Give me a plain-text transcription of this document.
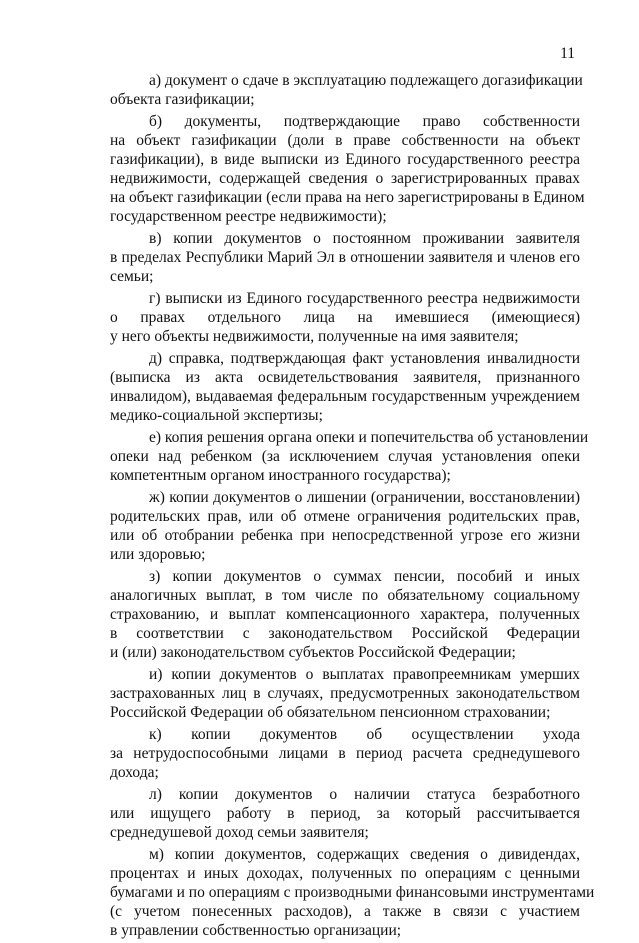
11

а) документ о сдаче в эксплуатацию подлежащего догазификации
объекта газификации;

б) документы, подтверждающие право собственности
на объект газификации (доли в праве собственности на объект
газификации), в виде выписки из Единого государственного реестра
недвижимости, содержащей сведения о зарегистрированных правах
на объект газификации (если права на него зарегистрированы в Едином
государственном реестре недвижимости);

в) копии документов о постоянном проживании заявителя
в пределах Республики Марий Эл в отношении заявителя и членов его
семьи;

г) выписки из Единого государственного реестра недвижимости
о правах отдельного лица на имевшиеся (имеющиеся)
у него объекты недвижимости, полученные на имя заявителя;

д) справка, подтверждающая факт установления инвалидности
(выписка из акта освидетельствования заявителя, признанного
инвалидом), выдаваемая федеральным государственным учреждением
медико-социальной экспертизы;

е) копия решения органа опеки и попечительства об установлении
опеки над ребенком (за исключением случая установления опеки
компетентным органом иностранного государства);

ж) копии документов о лишении (ограничении, восстановлении)
родительских прав, или об отмене ограничения родительских прав,
или об отобрании ребенка при непосредственной угрозе его жизни
или здоровью;

з) копии документов о суммах пенсии, пособий и иных
аналогичных выплат, в том числе по обязательному социальному
страхованию, и выплат компенсационного характера, полученных
в соответствии с законодательством Российской Федерации
и (или) законодательством субъектов Российской Федерации;

и) копии документов о выплатах правопреемникам умерших
застрахованных лиц в случаях, предусмотренных законодательством
Российской Федерации об обязательном пенсионном страховании;

к) копии документов об осуществлении ухода
за нетрудоспособными лицами в период расчета среднедушевого
дохода;

л) копии документов о наличии статуса безработного
или ищущего работу в период, за который рассчитывается
среднедушевой доход семьи заявителя;

м) копии документов, содержащих сведения о дивидендах,
процентах и иных доходах, полученных по операциям с ценными
бумагами и по операциям с производными финансовыми инструментами
(с учетом понесенных расходов), а также в связи с участием
в управлении собственностью организации;
